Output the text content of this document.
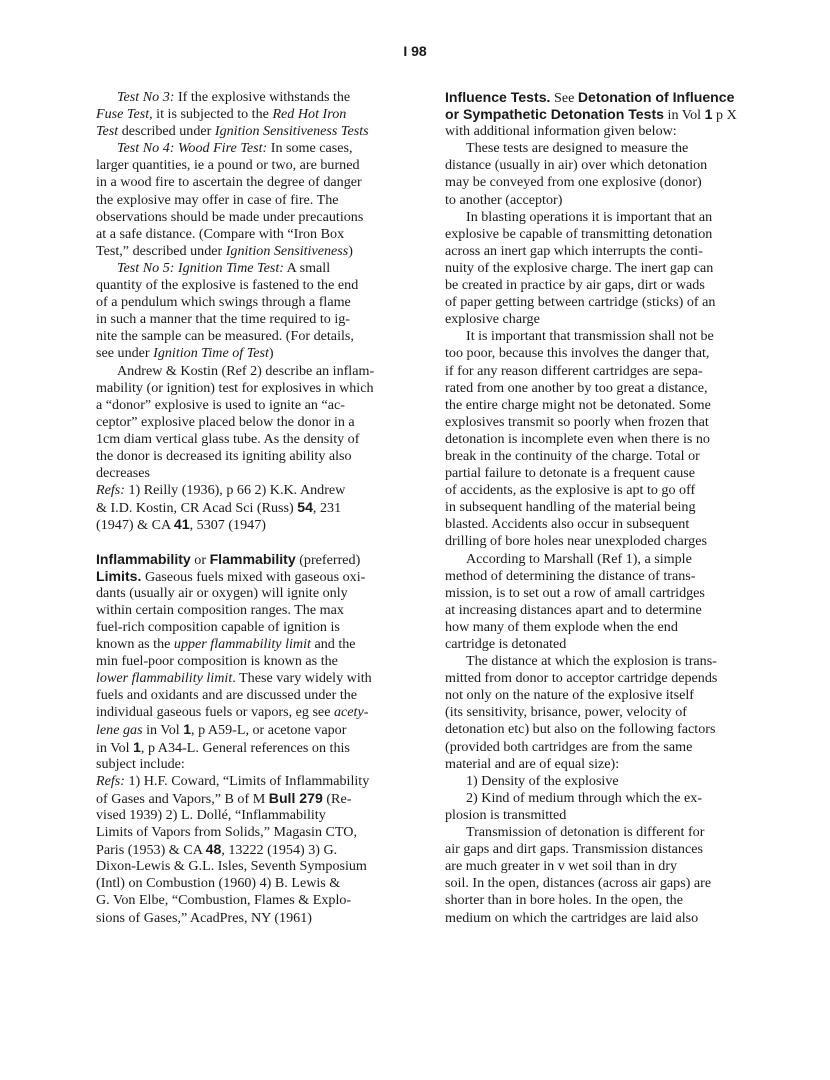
I 98
Test No 3: If the explosive withstands the
Fuse Test, it is subjected to the Red Hot Iron
Test described under Ignition Sensitiveness Tests
Test No 4: Wood Fire Test: In some cases,
larger quantities, ie a pound or two, are burned
in a wood fire to ascertain the degree of danger
the explosive may offer in case of fire. The
observations should be made under precautions
at a safe distance. (Compare with “Iron Box
Test,” described under Ignition Sensitiveness)
Test No 5: Ignition Time Test: A small
quantity of the explosive is fastened to the end
of a pendulum which swings through a flame
in such a manner that the time required to ig-
nite the sample can be measured. (For details,
see under Ignition Time of Test)
Andrew & Kostin (Ref 2) describe an inflam-
mability (or ignition) test for explosives in which
a “donor” explosive is used to ignite an “ac-
ceptor” explosive placed below the donor in a
1cm diam vertical glass tube. As the density of
the donor is decreased its igniting ability also
decreases
Refs: 1) Reilly (1936), p 66 2) K.K. Andrew
& I.D. Kostin, CR Acad Sci (Russ) 54, 231
(1947) & CA 41, 5307 (1947)
Inflammability or Flammability (preferred)
Limits. Gaseous fuels mixed with gaseous oxi-
dants (usually air or oxygen) will ignite only
within certain composition ranges. The max
fuel-rich composition capable of ignition is
known as the upper flammability limit and the
min fuel-poor composition is known as the
lower flammability limit. These vary widely with
fuels and oxidants and are discussed under the
individual gaseous fuels or vapors, eg see acety-
lene gas in Vol 1, p A59-L, or acetone vapor
in Vol 1, p A34-L. General references on this
subject include:
Refs: 1) H.F. Coward, “Limits of Inflammability
of Gases and Vapors,” B of M Bull 279 (Re-
vised 1939) 2) L. Dollé, “Inflammability
Limits of Vapors from Solids,” Magasin CTO,
Paris (1953) & CA 48, 13222 (1954) 3) G.
Dixon-Lewis & G.L. Isles, Seventh Symposium
(Intl) on Combustion (1960) 4) B. Lewis &
G. Von Elbe, “Combustion, Flames & Explo-
sions of Gases,” AcadPres, NY (1961)
Influence Tests. See Detonation of Influence
or Sympathetic Detonation Tests in Vol 1 p X
with additional information given below:
These tests are designed to measure the
distance (usually in air) over which detonation
may be conveyed from one explosive (donor)
to another (acceptor)
In blasting operations it is important that an
explosive be capable of transmitting detonation
across an inert gap which interrupts the conti-
nuity of the explosive charge. The inert gap can
be created in practice by air gaps, dirt or wads
of paper getting between cartridge (sticks) of an
explosive charge
It is important that transmission shall not be
too poor, because this involves the danger that,
if for any reason different cartridges are sepa-
rated from one another by too great a distance,
the entire charge might not be detonated. Some
explosives transmit so poorly when frozen that
detonation is incomplete even when there is no
break in the continuity of the charge. Total or
partial failure to detonate is a frequent cause
of accidents, as the explosive is apt to go off
in subsequent handling of the material being
blasted. Accidents also occur in subsequent
drilling of bore holes near unexploded charges
According to Marshall (Ref 1), a simple
method of determining the distance of trans-
mission, is to set out a row of amall cartridges
at increasing distances apart and to determine
how many of them explode when the end
cartridge is detonated
The distance at which the explosion is trans-
mitted from donor to acceptor cartridge depends
not only on the nature of the explosive itself
(its sensitivity, brisance, power, velocity of
detonation etc) but also on the following factors
(provided both cartridges are from the same
material and are of equal size):
1) Density of the explosive
2) Kind of medium through which the ex-
plosion is transmitted
Transmission of detonation is different for
air gaps and dirt gaps. Transmission distances
are much greater in v wet soil than in dry
soil. In the open, distances (across air gaps) are
shorter than in bore holes. In the open, the
medium on which the cartridges are laid also
